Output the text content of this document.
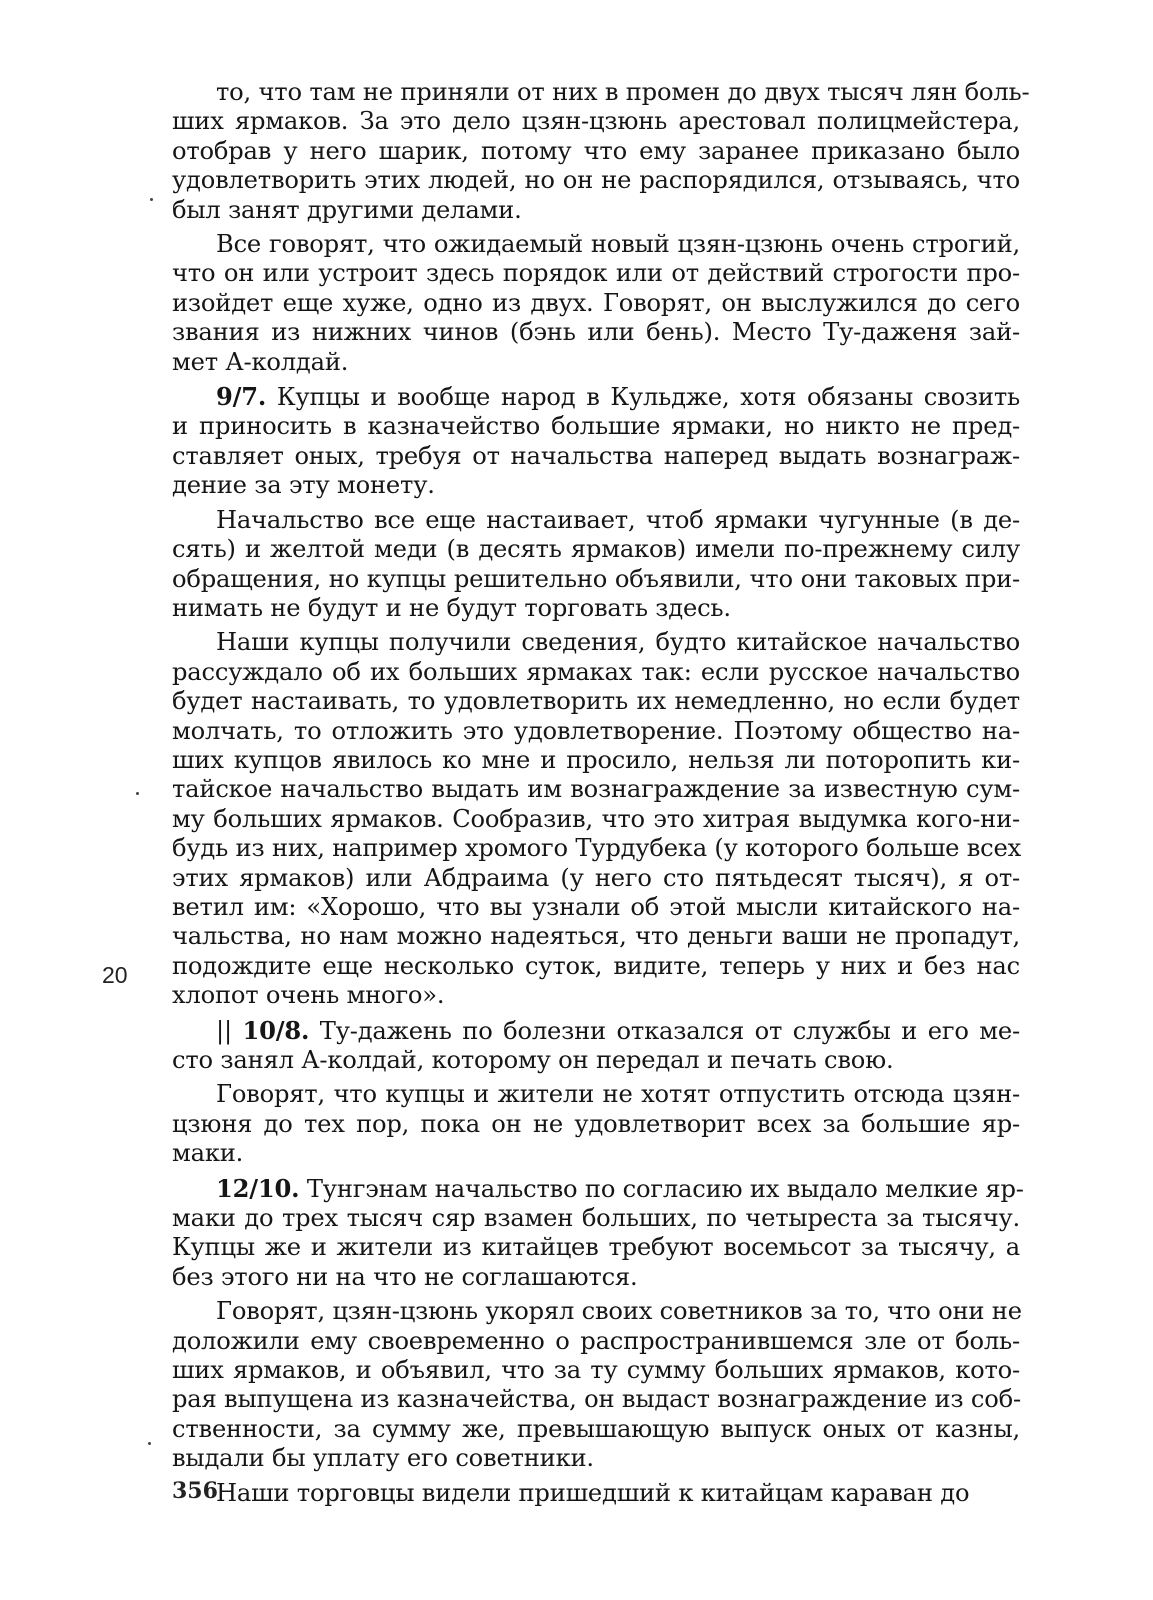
то, что там не приняли от них в промен до двух тысяч лян боль-
ших ярмаков. За это дело цзян-цзюнь арестовал полицмейстера,
отобрав у него шарик, потому что ему заранее приказано было
удовлетворить этих людей, но он не распорядился, отзываясь, что
был занят другими делами.
Все говорят, что ожидаемый новый цзян-цзюнь очень строгий,
что он или устроит здесь порядок или от действий строгости про-
изойдет еще хуже, одно из двух. Говорят, он выслужился до сего
звания из нижних чинов (бэнь или бень). Место Ту-даженя зай-
мет А-колдай.
9/7. Купцы и вообще народ в Кульдже, хотя обязаны свозить
и приносить в казначейство большие ярмаки, но никто не пред-
ставляет оных, требуя от начальства наперед выдать вознаграж-
дение за эту монету.
Начальство все еще настаивает, чтоб ярмаки чугунные (в де-
сять) и желтой меди (в десять ярмаков) имели по-прежнему силу
обращения, но купцы решительно объявили, что они таковых при-
нимать не будут и не будут торговать здесь.
Наши купцы получили сведения, будто китайское начальство
рассуждало об их больших ярмаках так: если русское начальство
будет настаивать, то удовлетворить их немедленно, но если будет
молчать, то отложить это удовлетворение. Поэтому общество на-
ших купцов явилось ко мне и просило, нельзя ли поторопить ки-
тайское начальство выдать им вознаграждение за известную сум-
му больших ярмаков. Сообразив, что это хитрая выдумка кого-ни-
будь из них, например хромого Турдубека (у которого больше всех
этих ярмаков) или Абдраима (у него сто пятьдесят тысяч), я от-
ветил им: «Хорошо, что вы узнали об этой мысли китайского на-
чальства, но нам можно надеяться, что деньги ваши не пропадут,
подождите еще несколько суток, видите, теперь у них и без нас
хлопот очень много».
|| 10/8. Ту-дажень по болезни отказался от службы и его ме-
сто занял А-колдай, которому он передал и печать свою.
Говорят, что купцы и жители не хотят отпустить отсюда цзян-
цзюня до тех пор, пока он не удовлетворит всех за большие яр-
маки.
12/10. Тунгэнам начальство по согласию их выдало мелкие яр-
маки до трех тысяч сяр взамен больших, по четыреста за тысячу.
Купцы же и жители из китайцев требуют восемьсот за тысячу, а
без этого ни на что не соглашаются.
Говорят, цзян-цзюнь укорял своих советников за то, что они не
доложили ему своевременно о распространившемся зле от боль-
ших ярмаков, и объявил, что за ту сумму больших ярмаков, кото-
рая выпущена из казначейства, он выдаст вознаграждение из соб-
ственности, за сумму же, превышающую выпуск оных от казны,
выдали бы уплату его советники.
Наши торговцы видели пришедший к китайцам караван до
20
356
